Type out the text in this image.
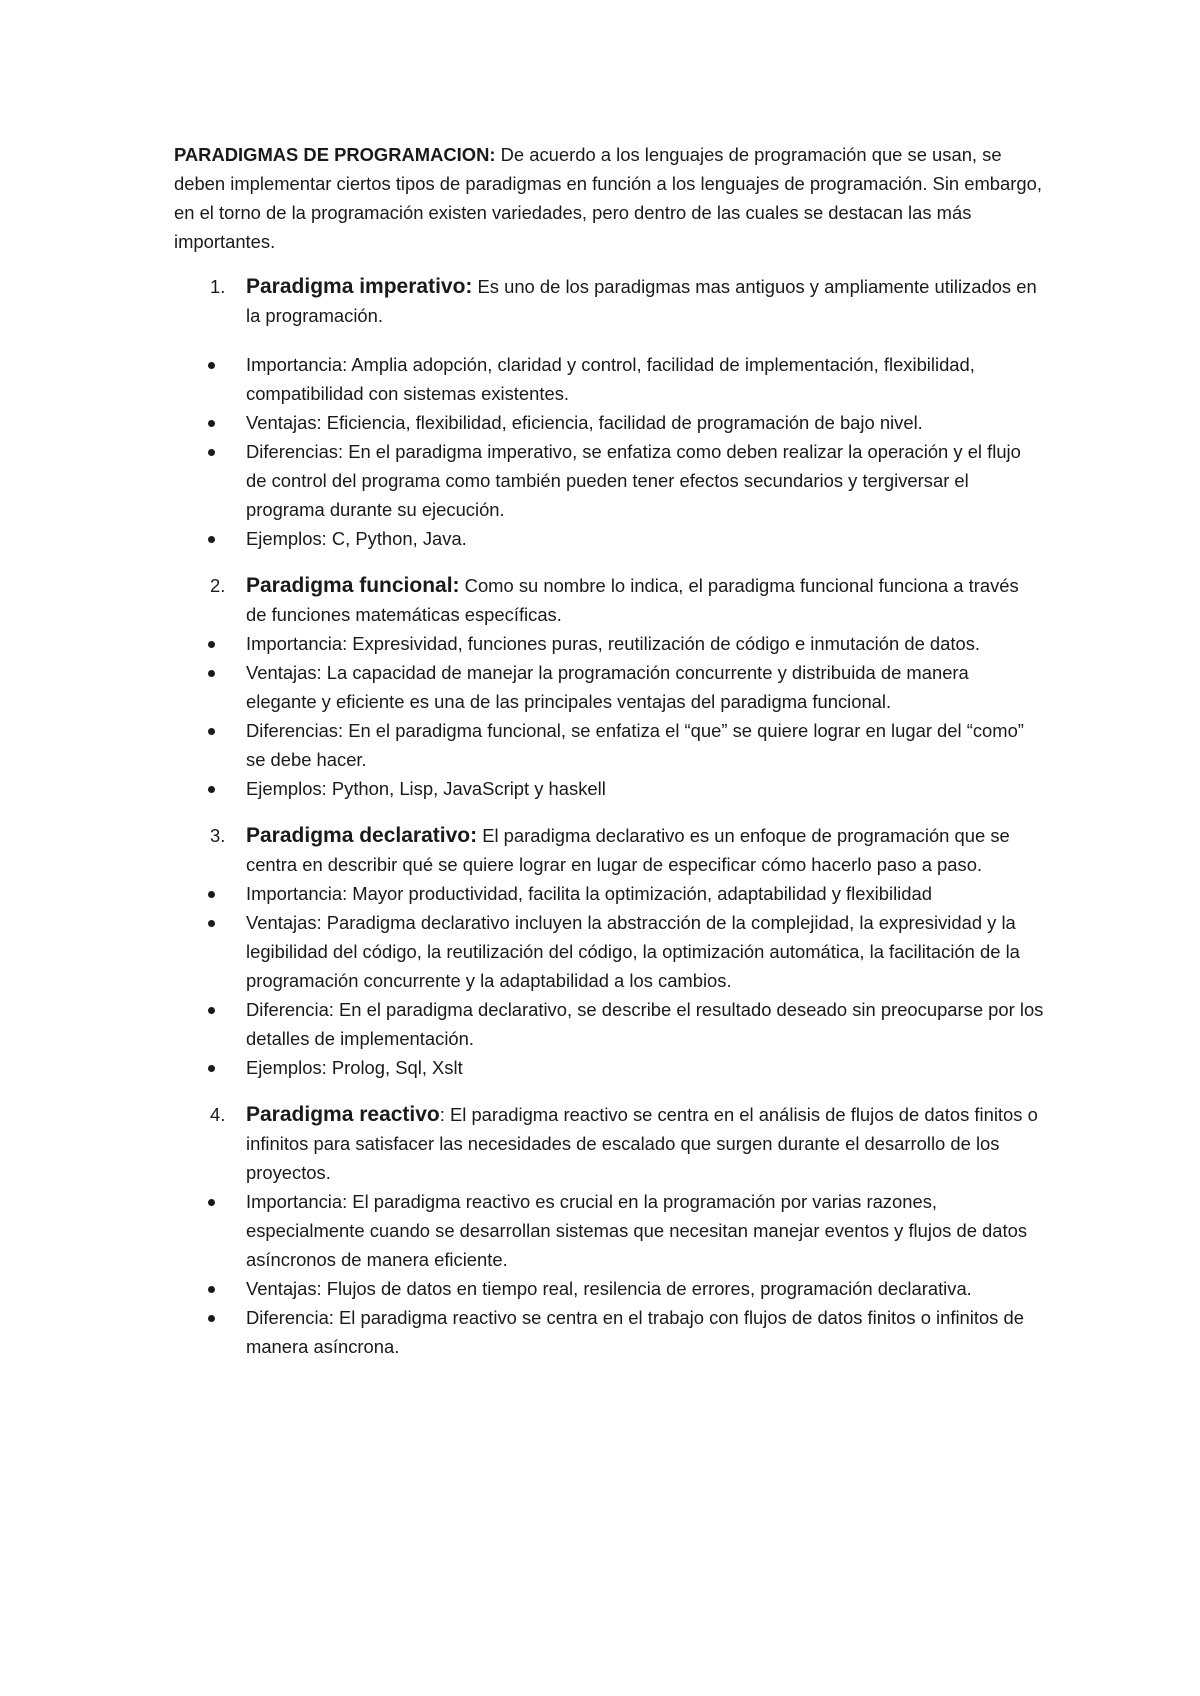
PARADIGMAS DE PROGRAMACION: De acuerdo a los lenguajes de programación que se usan, se deben implementar ciertos tipos de paradigmas en función a los lenguajes de programación. Sin embargo, en el torno de la programación existen variedades, pero dentro de las cuales se destacan las más importantes.

1. Paradigma imperativo: Es uno de los paradigmas mas antiguos y ampliamente utilizados en la programación.
Importancia: Amplia adopción, claridad y control, facilidad de implementación, flexibilidad, compatibilidad con sistemas existentes.
Ventajas: Eficiencia, flexibilidad, eficiencia, facilidad de programación de bajo nivel.
Diferencias: En el paradigma imperativo, se enfatiza como deben realizar la operación y el flujo de control del programa como también pueden tener efectos secundarios y tergiversar el programa durante su ejecución.
Ejemplos: C, Python, Java.
2. Paradigma funcional: Como su nombre lo indica, el paradigma funcional funciona a través de funciones matemáticas específicas.
Importancia: Expresividad, funciones puras, reutilización de código e inmutación de datos.
Ventajas: La capacidad de manejar la programación concurrente y distribuida de manera elegante y eficiente es una de las principales ventajas del paradigma funcional.
Diferencias: En el paradigma funcional, se enfatiza el “que” se quiere lograr en lugar del “como” se debe hacer.
Ejemplos: Python, Lisp, JavaScript y haskell
3. Paradigma declarativo: El paradigma declarativo es un enfoque de programación que se centra en describir qué se quiere lograr en lugar de especificar cómo hacerlo paso a paso.
Importancia: Mayor productividad, facilita la optimización, adaptabilidad y flexibilidad
Ventajas: Paradigma declarativo incluyen la abstracción de la complejidad, la expresividad y la legibilidad del código, la reutilización del código, la optimización automática, la facilitación de la programación concurrente y la adaptabilidad a los cambios.
Diferencia: En el paradigma declarativo, se describe el resultado deseado sin preocuparse por los detalles de implementación.
Ejemplos: Prolog, Sql, Xslt
4. Paradigma reactivo: El paradigma reactivo se centra en el análisis de flujos de datos finitos o infinitos para satisfacer las necesidades de escalado que surgen durante el desarrollo de los proyectos.
Importancia: El paradigma reactivo es crucial en la programación por varias razones, especialmente cuando se desarrollan sistemas que necesitan manejar eventos y flujos de datos asíncronos de manera eficiente.
Ventajas: Flujos de datos en tiempo real, resilencia de errores, programación declarativa.
Diferencia: El paradigma reactivo se centra en el trabajo con flujos de datos finitos o infinitos de manera asíncrona.
